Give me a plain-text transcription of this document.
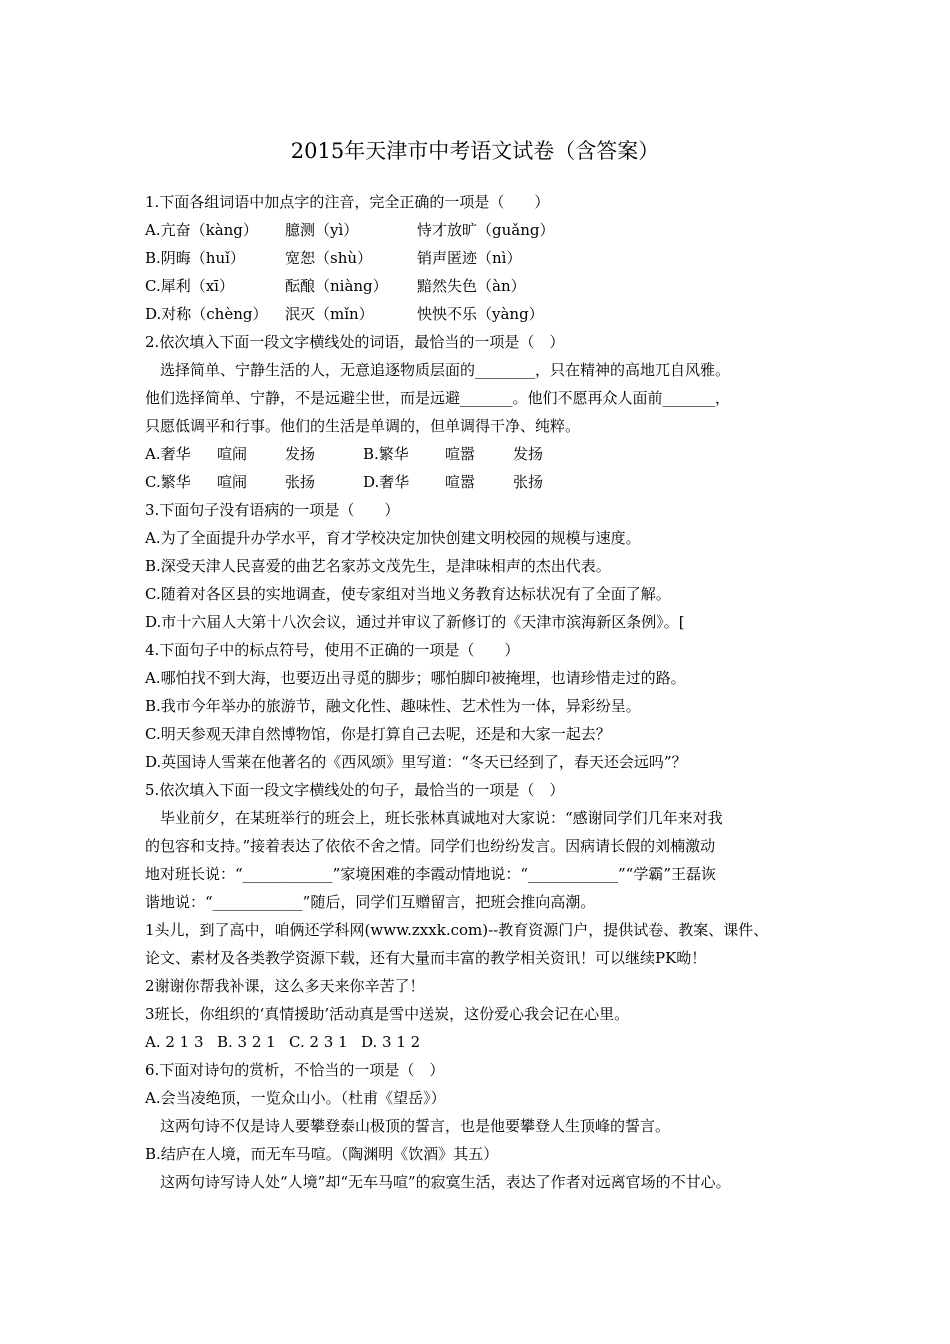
2015年天津市中考语文试卷（含答案）
1.下面各组词语中加点字的注音，完全正确的一项是（　　）
A.亢奋（kàng） 臆测（yì）	恃才放旷（guǎng）
B.阴晦（huǐ）	宽恕（shù）	销声匿迹（nì）
C.犀利（xī）	酝酿（niàng） 黯然失色（àn）
D.对称（chèng） 泯灭（mǐn）	怏怏不乐（yàng）
2.依次填入下面一段文字横线处的词语，最恰当的一项是（　）
　选择简单、宁静生活的人，无意追逐物质层面的________，只在精神的高地兀自风雅。
他们选择简单、宁静，不是远避尘世，而是远避_______。他们不愿再众人面前_______，
只愿低调平和行事。他们的生活是单调的，但单调得干净、纯粹。
A.奢华 喧闹	发扬	B.繁华 喧嚣	发扬
C.繁华 喧闹	张扬	D.奢华 喧嚣	张扬
3.下面句子没有语病的一项是（　　）
A.为了全面提升办学水平，育才学校决定加快创建文明校园的规模与速度。
B.深受天津人民喜爱的曲艺名家苏文茂先生，是津味相声的杰出代表。
C.随着对各区县的实地调查，使专家组对当地义务教育达标状况有了全面了解。
D.市十六届人大第十八次会议，通过并审议了新修订的《天津市滨海新区条例》。[
4.下面句子中的标点符号，使用不正确的一项是（　　）
A.哪怕找不到大海，也要迈出寻觅的脚步；哪怕脚印被掩埋，也请珍惜走过的路。
B.我市今年举办的旅游节，融文化性、趣味性、艺术性为一体，异彩纷呈。
C.明天参观天津自然博物馆，你是打算自己去呢，还是和大家一起去？
D.英国诗人雪莱在他著名的《西风颂》里写道：“冬天已经到了，春天还会远吗”？
5.依次填入下面一段文字横线处的句子，最恰当的一项是（　）
　毕业前夕，在某班举行的班会上，班长张林真诚地对大家说：“感谢同学们几年来对我
的包容和支持。”接着表达了依依不舍之情。同学们也纷纷发言。因病请长假的刘楠激动
地对班长说：“____________”家境困难的李霞动情地说：“____________”“学霸”王磊诙
谐地说：“____________”随后，同学们互赠留言，把班会推向高潮。
1头儿，到了高中，咱俩还学科网(www.zxxk.com)--教育资源门户，提供试卷、教案、课件、
论文、素材及各类教学资源下载，还有大量而丰富的教学相关资讯！可以继续PK呦！
2谢谢你帮我补课，这么多天来你辛苦了！
3班长，你组织的‘真情援助’活动真是雪中送炭，这份爱心我会记在心里。
A. 2 1 3 B. 3 2 1 C. 2 3 1 D. 3 1 2
6.下面对诗句的赏析，不恰当的一项是（　）
A.会当凌绝顶，一览众山小。（杜甫《望岳》）
　这两句诗不仅是诗人要攀登泰山极顶的誓言，也是他要攀登人生顶峰的誓言。
B.结庐在人境，而无车马喧。（陶渊明《饮酒》其五）
　这两句诗写诗人处“人境”却“无车马喧”的寂寞生活，表达了作者对远离官场的不甘心。
